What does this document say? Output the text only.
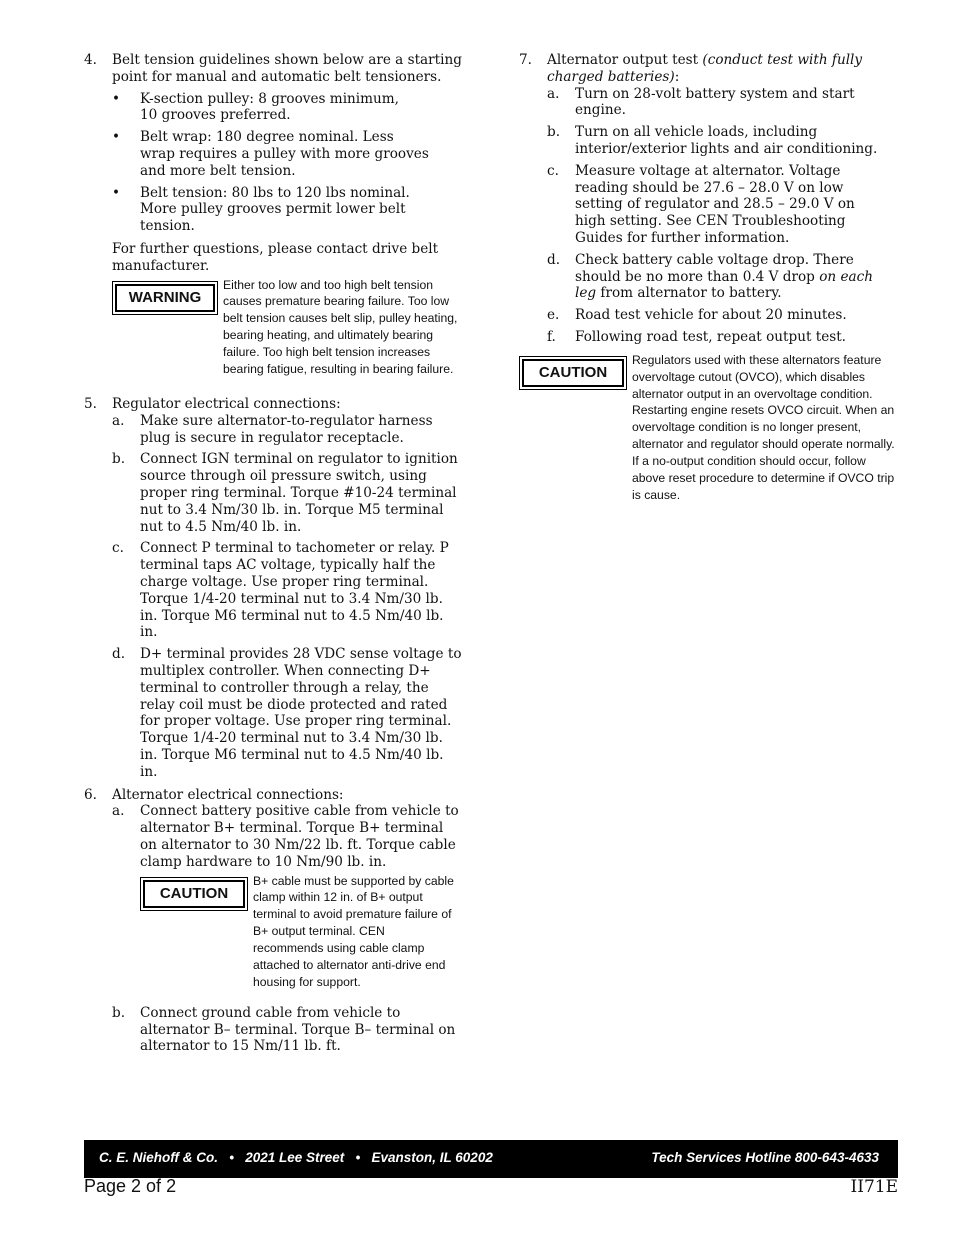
4. Belt tension guidelines shown below are a starting point for manual and automatic belt tensioners.
• K-section pulley: 8 grooves minimum, 10 grooves preferred.
• Belt wrap: 180 degree nominal. Less wrap requires a pulley with more grooves and more belt tension.
• Belt tension: 80 lbs to 120 lbs nominal. More pulley grooves permit lower belt tension.
For further questions, please contact drive belt manufacturer.
WARNING
Either too low and too high belt tension causes premature bearing failure. Too low belt tension causes belt slip, pulley heating, bearing heating, and ultimately bearing failure. Too high belt tension increases bearing fatigue, resulting in bearing failure.
5. Regulator electrical connections:
a. Make sure alternator-to-regulator harness plug is secure in regulator receptacle.
b. Connect IGN terminal on regulator to ignition source through oil pressure switch, using proper ring terminal. Torque #10-24 terminal nut to 3.4 Nm/30 lb. in. Torque M5 terminal nut to 4.5 Nm/40 lb. in.
c. Connect P terminal to tachometer or relay. P terminal taps AC voltage, typically half the charge voltage. Use proper ring terminal. Torque 1/4-20 terminal nut to 3.4 Nm/30 lb. in. Torque M6 terminal nut to 4.5 Nm/40 lb. in.
d. D+ terminal provides 28 VDC sense voltage to multiplex controller. When connecting D+ terminal to controller through a relay, the relay coil must be diode protected and rated for proper voltage. Use proper ring terminal. Torque 1/4-20 terminal nut to 3.4 Nm/30 lb. in. Torque M6 terminal nut to 4.5 Nm/40 lb. in.
6. Alternator electrical connections:
a. Connect battery positive cable from vehicle to alternator B+ terminal. Torque B+ terminal on alternator to 30 Nm/22 lb. ft. Torque cable clamp hardware to 10 Nm/90 lb. in.
CAUTION
B+ cable must be supported by cable clamp within 12 in. of B+ output terminal to avoid premature failure of B+ output terminal. CEN recommends using cable clamp attached to alternator anti-drive end housing for support.
b. Connect ground cable from vehicle to alternator B– terminal. Torque B– terminal on alternator to 15 Nm/11 lb. ft.
7. Alternator output test (conduct test with fully charged batteries):
a. Turn on 28-volt battery system and start engine.
b. Turn on all vehicle loads, including interior/exterior lights and air conditioning.
c. Measure voltage at alternator. Voltage reading should be 27.6 – 28.0 V on low setting of regulator and 28.5 – 29.0 V on high setting. See CEN Troubleshooting Guides for further information.
d. Check battery cable voltage drop. There should be no more than 0.4 V drop on each leg from alternator to battery.
e. Road test vehicle for about 20 minutes.
f. Following road test, repeat output test.
CAUTION
Regulators used with these alternators feature overvoltage cutout (OVCO), which disables alternator output in an overvoltage condition. Restarting engine resets OVCO circuit. When an overvoltage condition is no longer present, alternator and regulator should operate normally. If a no-output condition should occur, follow above reset procedure to determine if OVCO trip is cause.
C. E. Niehoff & Co.   •   2021 Lee Street   •   Evanston, IL 60202	Tech Services Hotline 800-643-4633
Page 2 of 2	II71E
